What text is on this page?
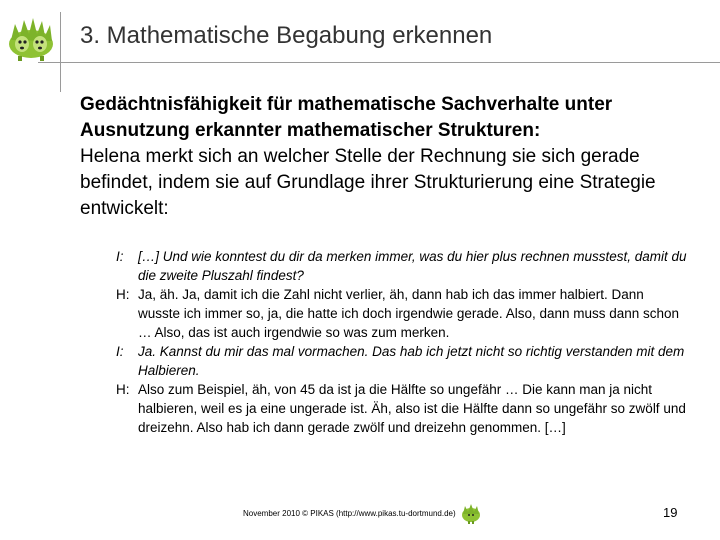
3. Mathematische Begabung erkennen

Gedächtnisfähigkeit für mathematische Sachverhalte unter Ausnutzung erkannter mathematischer Strukturen:
Helena merkt sich an welcher Stelle der Rechnung sie sich gerade befindet, indem sie auf Grundlage ihrer Strukturierung eine Strategie entwickelt:

I: […] Und wie konntest du dir da merken immer, was du hier plus rechnen musstest, damit du die zweite Pluszahl findest?
H: Ja, äh. Ja, damit ich die Zahl nicht verlier, äh, dann hab ich das immer halbiert. Dann wusste ich immer so, ja, die hatte ich doch irgendwie gerade. Also, dann muss dann schon … Also, das ist auch irgendwie so was zum merken.
I: Ja. Kannst du mir das mal vormachen. Das hab ich jetzt nicht so richtig verstanden mit dem Halbieren.
H: Also zum Beispiel, äh, von 45 da ist ja die Hälfte so ungefähr … Die kann man ja nicht halbieren, weil es ja eine ungerade ist. Äh, also ist die Hälfte dann so ungefähr so zwölf und dreizehn. Also hab ich dann gerade zwölf und dreizehn genommen. […]
November 2010 © PIKAS (http://www.pikas.tu-dortmund.de)	19
